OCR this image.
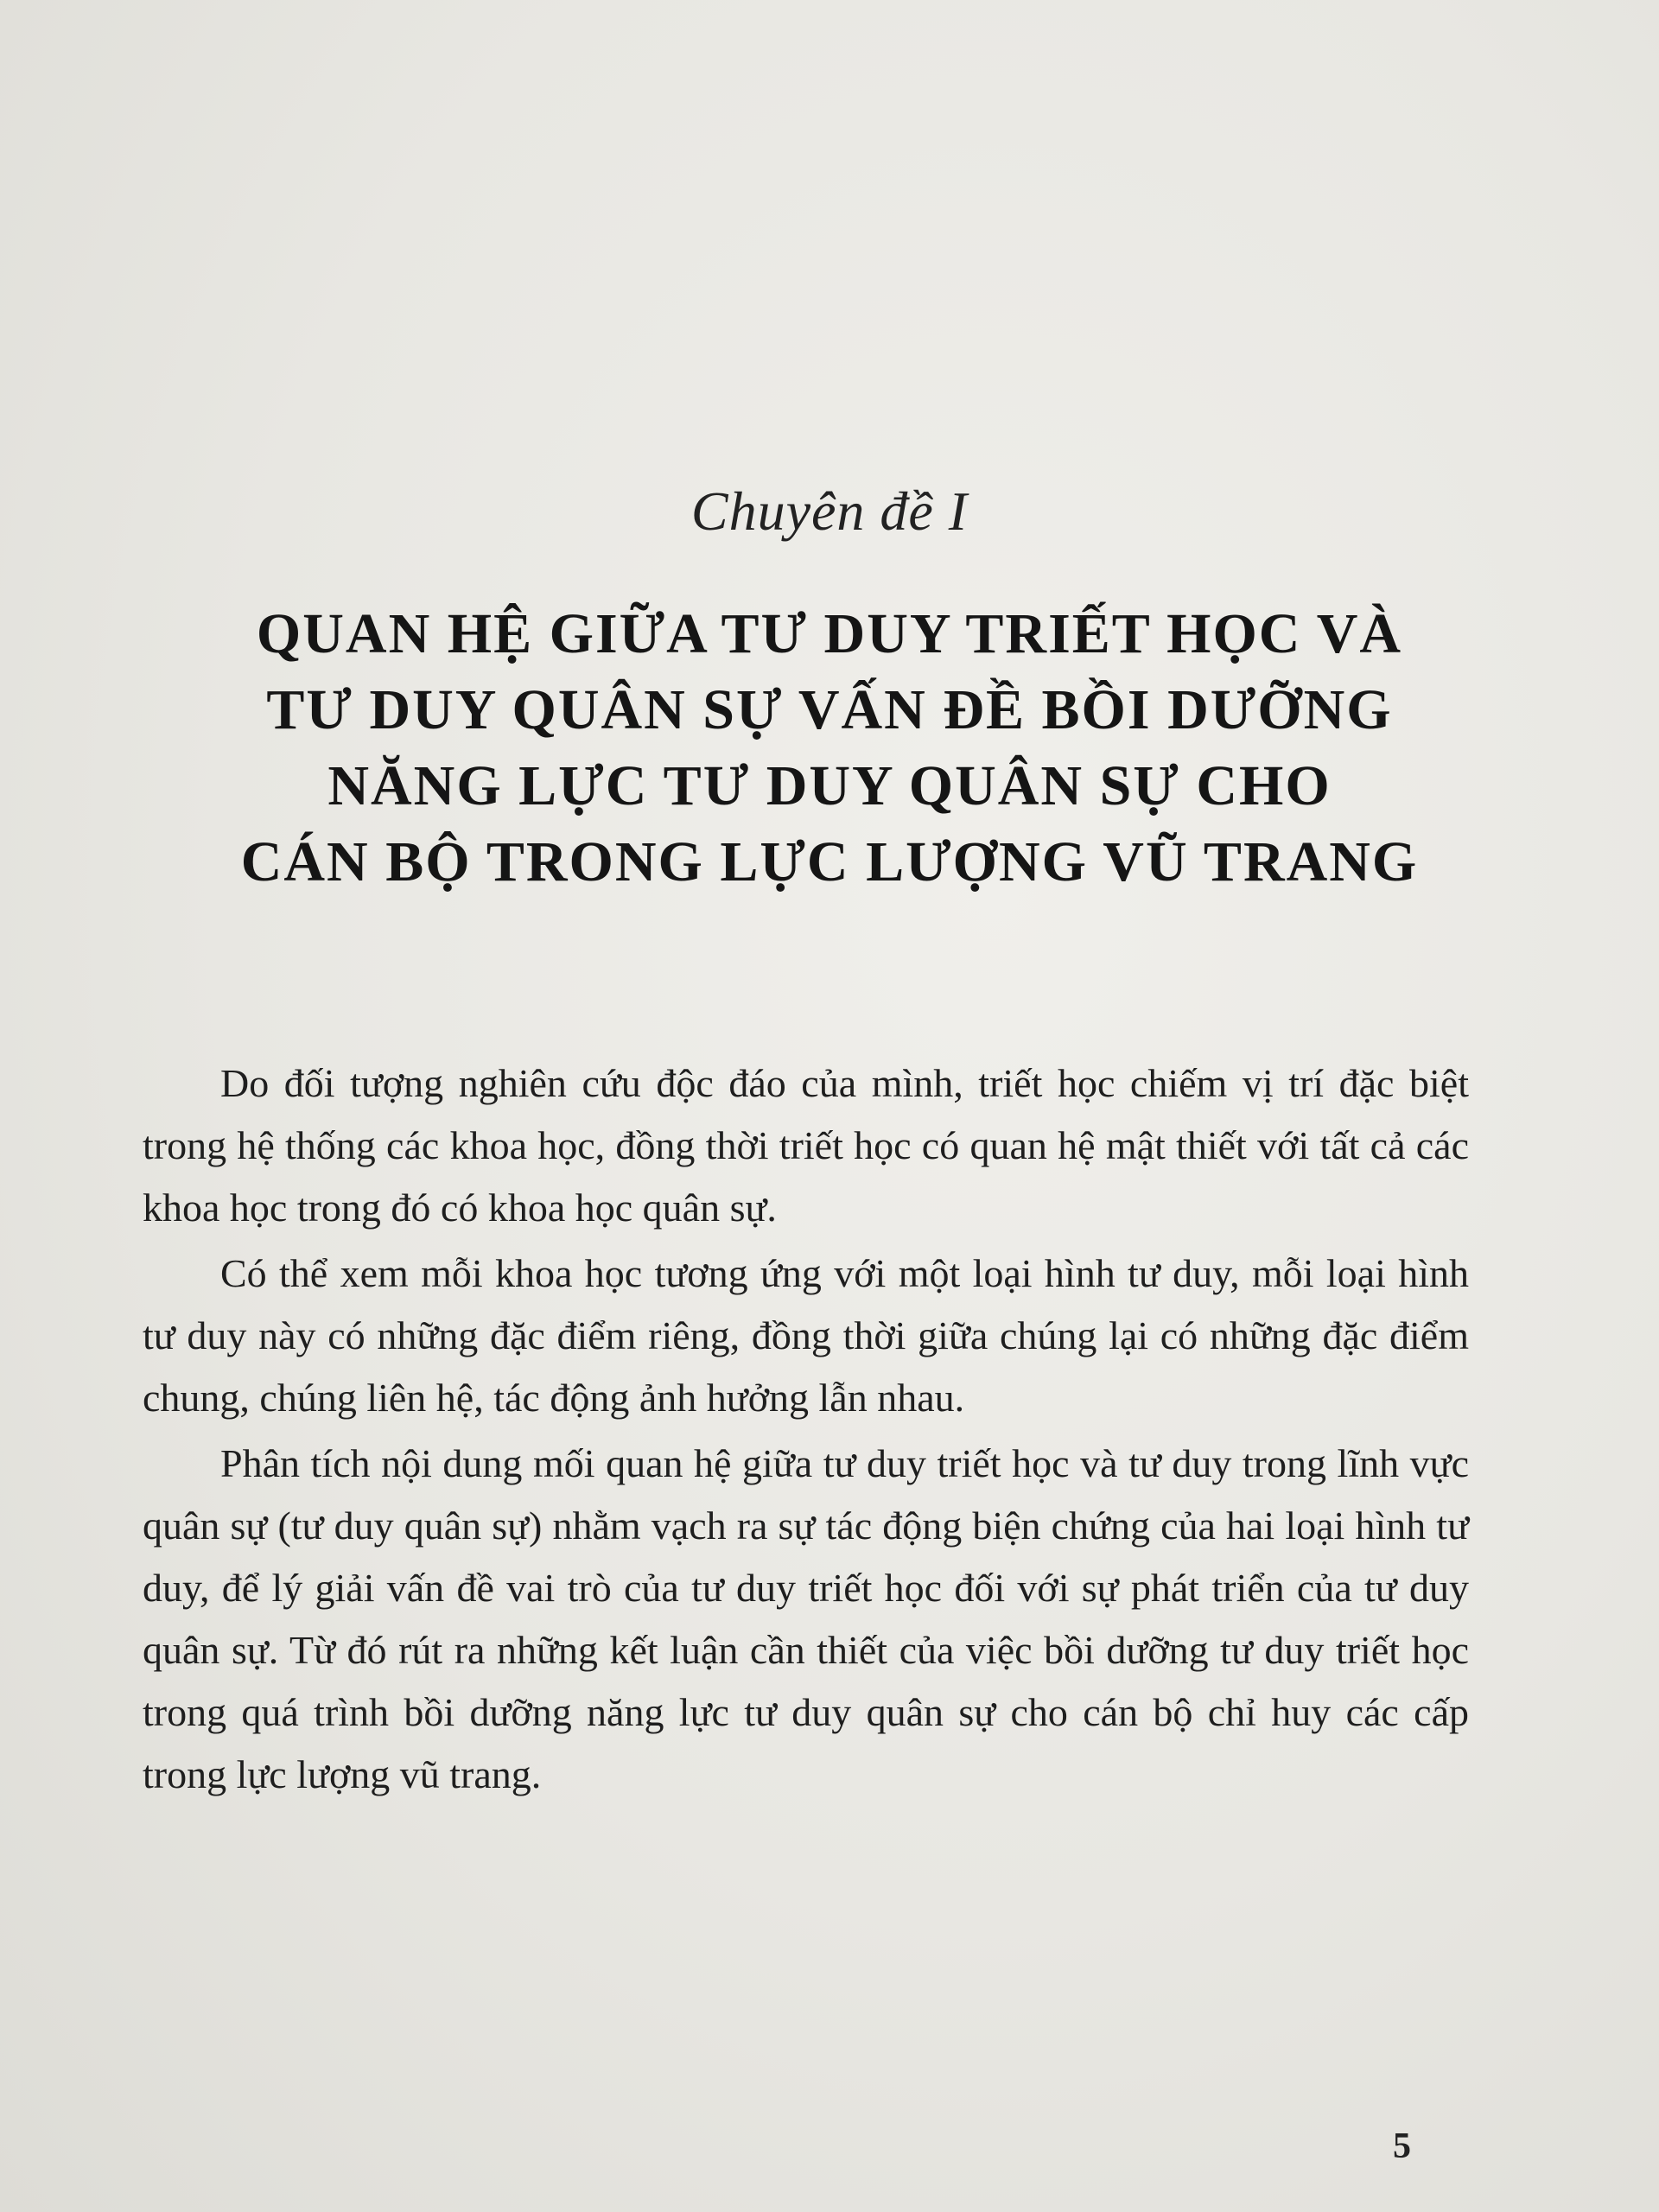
Chuyên đề I
QUAN HỆ GIỮA TƯ DUY TRIẾT HỌC VÀ
TƯ DUY QUÂN SỰ VẤN ĐỀ BỒI DƯỠNG
NĂNG LỰC TƯ DUY QUÂN SỰ CHO
CÁN BỘ TRONG LỰC LƯỢNG VŨ TRANG

Do đối tượng nghiên cứu độc đáo của mình, triết học chiếm vị trí đặc biệt trong hệ thống các khoa học, đồng thời triết học có quan hệ mật thiết với tất cả các khoa học trong đó có khoa học quân sự.

Có thể xem mỗi khoa học tương ứng với một loại hình tư duy, mỗi loại hình tư duy này có những đặc điểm riêng, đồng thời giữa chúng lại có những đặc điểm chung, chúng liên hệ, tác động ảnh hưởng lẫn nhau.

Phân tích nội dung mối quan hệ giữa tư duy triết học và tư duy trong lĩnh vực quân sự (tư duy quân sự) nhằm vạch ra sự tác động biện chứng của hai loại hình tư duy, để lý giải vấn đề vai trò của tư duy triết học đối với sự phát triển của tư duy quân sự. Từ đó rút ra những kết luận cần thiết của việc bồi dưỡng tư duy triết học trong quá trình bồi dưỡng năng lực tư duy quân sự cho cán bộ chỉ huy các cấp trong lực lượng vũ trang.

5
